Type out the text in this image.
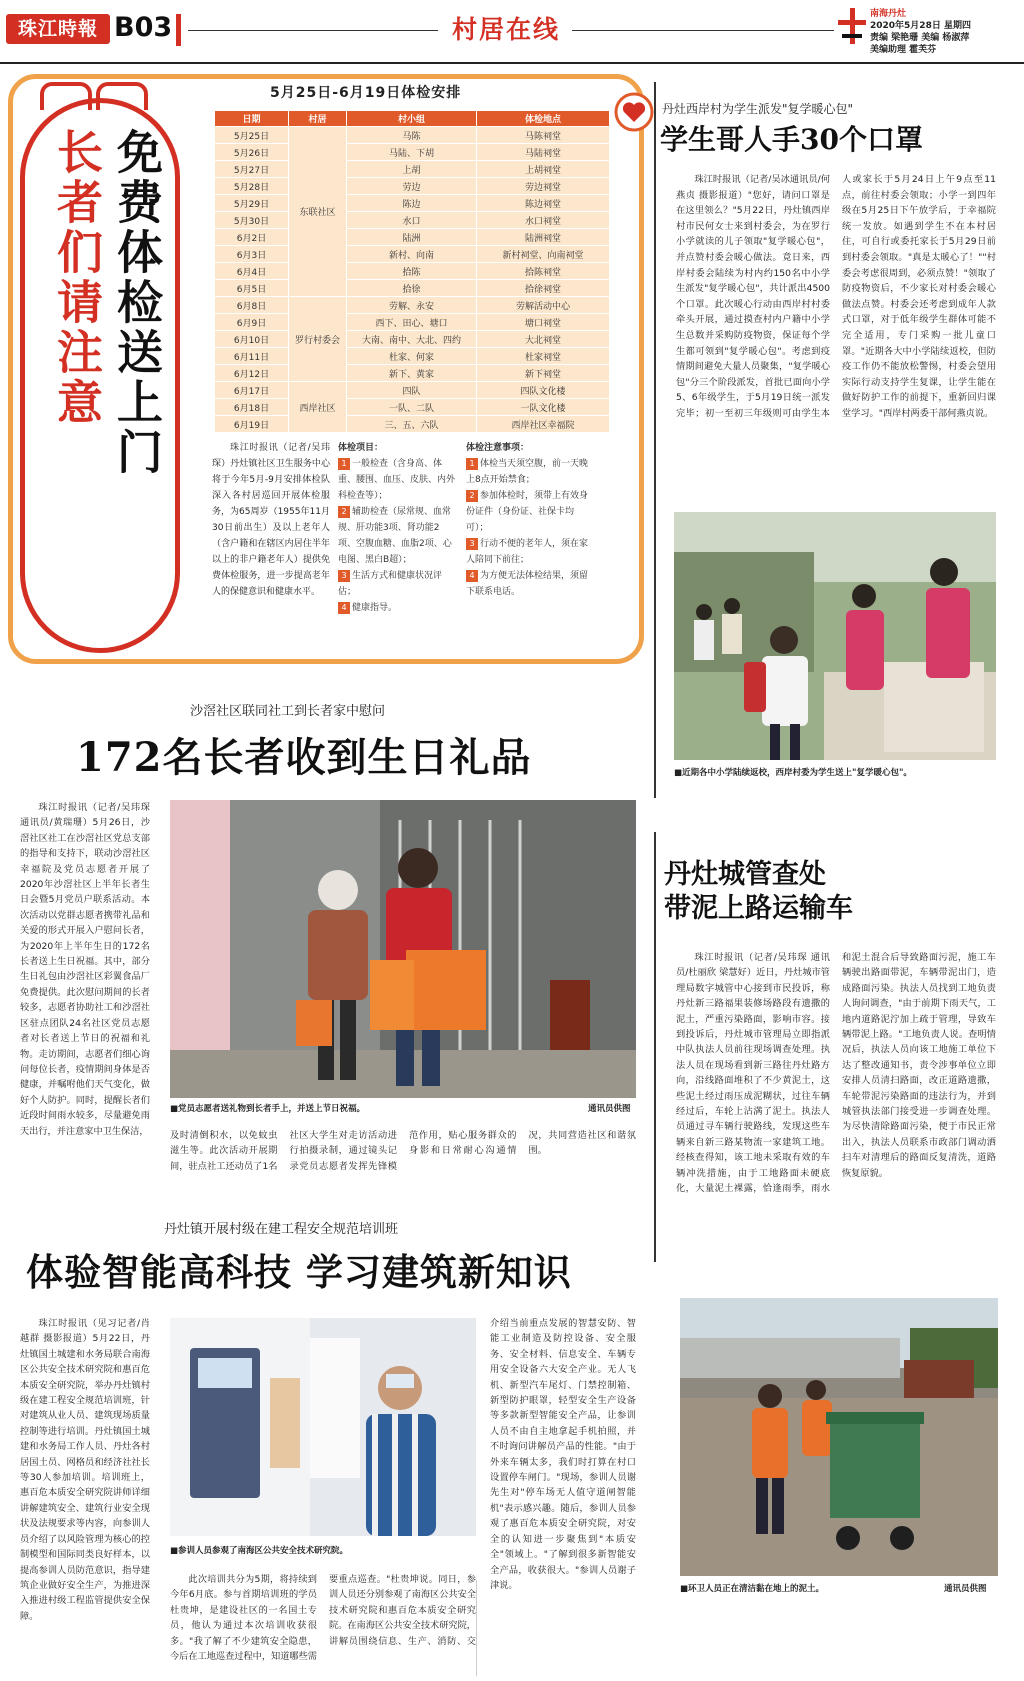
珠江時報 B03	村居在线
南海丹灶
2020年5月28日 星期四
责编 梁艳珊 美编 杨淑萍
美编助理 霍芙芬
长者们请注意 免费体检送上门
5月25日-6月19日体检安排
日期	村居	村小组	体检地点
5月25日	东联社区	马陈	马陈祠堂
5月26日		马陆、下胡	马陆祠堂
5月27日		上胡	上胡祠堂
5月28日		劳边	劳边祠堂
5月29日		陈边	陈边祠堂
5月30日		水口	水口祠堂
6月2日		陆洲	陆洲祠堂
6月3日		新村、向南	新村祠堂、向南祠堂
6月4日		拾陈	拾陈祠堂
6月5日		拾徐	拾徐祠堂
6月8日	罗行村委会	劳解、永安	劳解活动中心
6月9日		西下、田心、塘口	塘口祠堂
6月10日		大南、南中、大北、四约	大北祠堂
6月11日		杜家、何家	杜家祠堂
6月12日		新下、黄家	新下祠堂
6月17日	西岸社区	四队	四队文化楼
6月18日		一队、二队	一队文化楼
6月19日		三、五、六队	西岸社区幸福院

珠江时报讯（记者/吴玮琛）丹灶镇社区卫生服务中心将于今年5月-9月安排体检队深入各村居巡回开展体检服务，为65周岁（1955年11月30日前出生）及以上老年人（含户籍和在辖区内居住半年以上的非户籍老年人）提供免费体检服务，进一步提高老年人的保健意识和健康水平。

体检项目：
1 一般检查（含身高、体重、腰围、血压、皮肤、内外科检查等）；
2 辅助检查（尿常规、血常规、肝功能3项、肾功能2项、空腹血糖、血脂2项、心电图、黑白B超）；
3 生活方式和健康状况评估；
4 健康指导。
体检注意事项：
1 体检当天须空腹，前一天晚上8点开始禁食；
2 参加体检时，须带上有效身份证件（身份证、社保卡均可）；
3 行动不便的老年人，须在家人陪同下前往；
4 为方便无法体检结果，须留下联系电话。
丹灶西岸村为学生派发"复学暖心包"
学生哥人手30个口罩

珠江时报讯（记者/吴冰通讯员/何燕贞 摄影报道）"您好，请问口罩是在这里领么？"5月22日，丹灶镇西岸村市民何女士来到村委会，为在罗行小学就读的儿子领取"复学暖心包"，并点赞村委会暖心做法。竟日来，西岸村委会陆续为村内约150名中小学生派发"复学暖心包"，共计派出4500个口罩。此次暖心行动由西岸村村委牵头开展，通过摸查村内户籍中小学生总数并采购防疫物资，保证每个学生都可领到"复学暖心包"。考虑到疫情期间避免大量人员聚集，"复学暖心包"分三个阶段派发，首批已面向小学5、6年级学生，于5月19日统一派发完毕；初一至初三年级则可由学生本人或家长于5月24日上午9点至11点，前往村委会领取；小学一到四年级在5月25日下午放学后，于幸福院统一发放。如遇到学生不在本村居住，可自行或委托家长于5月29日前到村委会领取。"真是太暖心了！""村委会考虑很周到，必须点赞！"领取了防疫物资后，不少家长对村委会暖心做法点赞。村委会还考虑到成年人款式口罩，对于低年级学生群体可能不完全适用，专门采购一批儿童口罩。"近期各大中小学陆续返校，但防疫工作仍不能放松警惕，村委会望用实际行动支持学生复课，让学生能在做好防护工作的前提下，重新回归课堂学习。"西岸村两委干部何燕贞说。

■近期各中小学陆续返校，西岸村委为学生送上"复学暖心包"。
沙滘社区联同社工到长者家中慰问
172名长者收到生日礼品

珠江时报讯（记者/吴玮琛 通讯员/黄瑞珊）5月26日，沙滘社区社工在沙滘社区党总支部的指导和支持下，联动沙滘社区幸福院及党员志愿者开展了2020年沙滘社区上半年长者生日会暨5月党员户联系活动。本次活动以党群志愿者携带礼品和关爱的形式开展入户慰问长者，为2020年上半年生日的172名长者送上生日祝福。其中，部分生日礼包由沙滘社区彩翼食品厂免费提供。此次慰问期间的长者较多，志愿者协助社工和沙滘社区驻点团队24名社区党员志愿者对长者送上节日的祝福和礼物。走访期间，志愿者们细心询问每位长者，疫情期间身体是否健康，并嘱咐他们天气变化，做好个人防护。同时，提醒长者们近段时间雨水较多，尽量避免雨天出行，并注意家中卫生保洁，

■党员志愿者送礼物到长者手上，并送上节日祝福。	通讯员供图

及时清倒积水，以免蚊虫滋生等。此次活动开展期间，驻点社工还动员了1名社区大学生对走访活动进行拍摄录制，通过镜头记录党员志愿者发挥先锋模范作用，贴心服务群众的身影和日常耐心沟通情况，共同营造社区和谐氛围。

丹灶城管查处
带泥上路运输车

珠江时报讯（记者/吴玮琛 通讯员/杜丽欣 梁慧好）近日，丹灶城市管理局数字城管中心接到市民投诉，称丹灶新三路福果装修场路段有遗撒的泥土，严重污染路面，影响市容。接到投诉后，丹灶城市管理局立即指派中队执法人员前往现场调查处理。执法人员在现场看到新三路往丹灶路方向，沿线路面堆积了不少黄泥土，这些泥土经过雨压成泥糊状，过往车辆经过后，车轮上沾满了泥土。执法人员通过寻车辆行驶路线，发现这些车辆来自新三路某物流一家建筑工地。经核查得知，该工地未采取有效的车辆冲洗措施，由于工地路面未硬底化，大量泥土裸露，恰逢雨季，雨水和泥土混合后导致路面污泥，施工车辆驶出路面带泥，车辆带泥出门，造成路面污染。执法人员找到工地负责人询问调查，"由于前期下雨天气，工地内道路泥泞加上疏于管理，导致车辆带泥上路。"工地负责人说。查明情况后，执法人员向该工地施工单位下达了整改通知书，责令涉事单位立即安排人员清扫路面，改正道路遗撒，车轮带泥污染路面的违法行为，并到城管执法部门接受进一步调查处理。为尽快清除路面污染，便于市民正常出入，执法人员联系市政部门调动洒扫车对清理后的路面反复清洗，道路恢复原貌。

■环卫人员正在清洁黏在地上的泥土。	通讯员供图
丹灶镇开展村级在建工程安全规范培训班
体验智能高科技 学习建筑新知识

珠江时报讯（见习记者/肖越群 摄影报道）5月22日，丹灶镇国土城建和水务局联合南海区公共安全技术研究院和惠百危本质安全研究院，举办丹灶镇村级在建工程安全规范培训班，针对建筑从业人员、建筑现场质量控制等进行培训。丹灶镇国土城建和水务局工作人员、丹灶各村居国土员、网格员和经济社社长等30人参加培训。培训班上，惠百危本质安全研究院讲师详细讲解建筑安全、建筑行业安全现状及法规要求等内容，向参训人员介绍了以风险管理为核心的控制模型和国际同类良好样本，以提高参训人员防范意识，指导建筑企业做好安全生产，为推进深入推进村级工程监管提供安全保障。

■参训人员参观了南海区公共安全技术研究院。

此次培训共分为5期，将持续到今年6月底。参与首期培训班的学员杜贵坤，是建设社区的一名国土专员，他认为通过本次培训收获很多。"我了解了不少建筑安全隐患，今后在工地巡查过程中，知道哪些需要重点巡查。"杜贵坤说。同日，参训人员还分别参观了南海区公共安全技术研究院和惠百危本质安全研究院。在南海区公共安全技术研究院，讲解员围绕信息、生产、消防、交

介绍当前重点发展的智慧安防、智能工业制造及防控设备、安全服务、安全材料、信息安全、车辆专用安全设备六大安全产业。无人飞机、新型汽车尾灯、门禁控制箱、新型防护眼罩，轻型安全生产设备等多款新型智能安全产品，让参训人员不由自主地拿起手机拍照，并不时询问讲解员产品的性能。"由于外来车辆太多，我们时打算在村口设置停车闸门。"现场，参训人员谢先生对"停车场无人值守道闸智能机"表示感兴趣。随后，参训人员参观了惠百危本质安全研究院，对安全的认知进一步聚焦到"本质安全"领域上。"了解到很多新智能安全产品，收获很大。"参训人员谢子津说。
